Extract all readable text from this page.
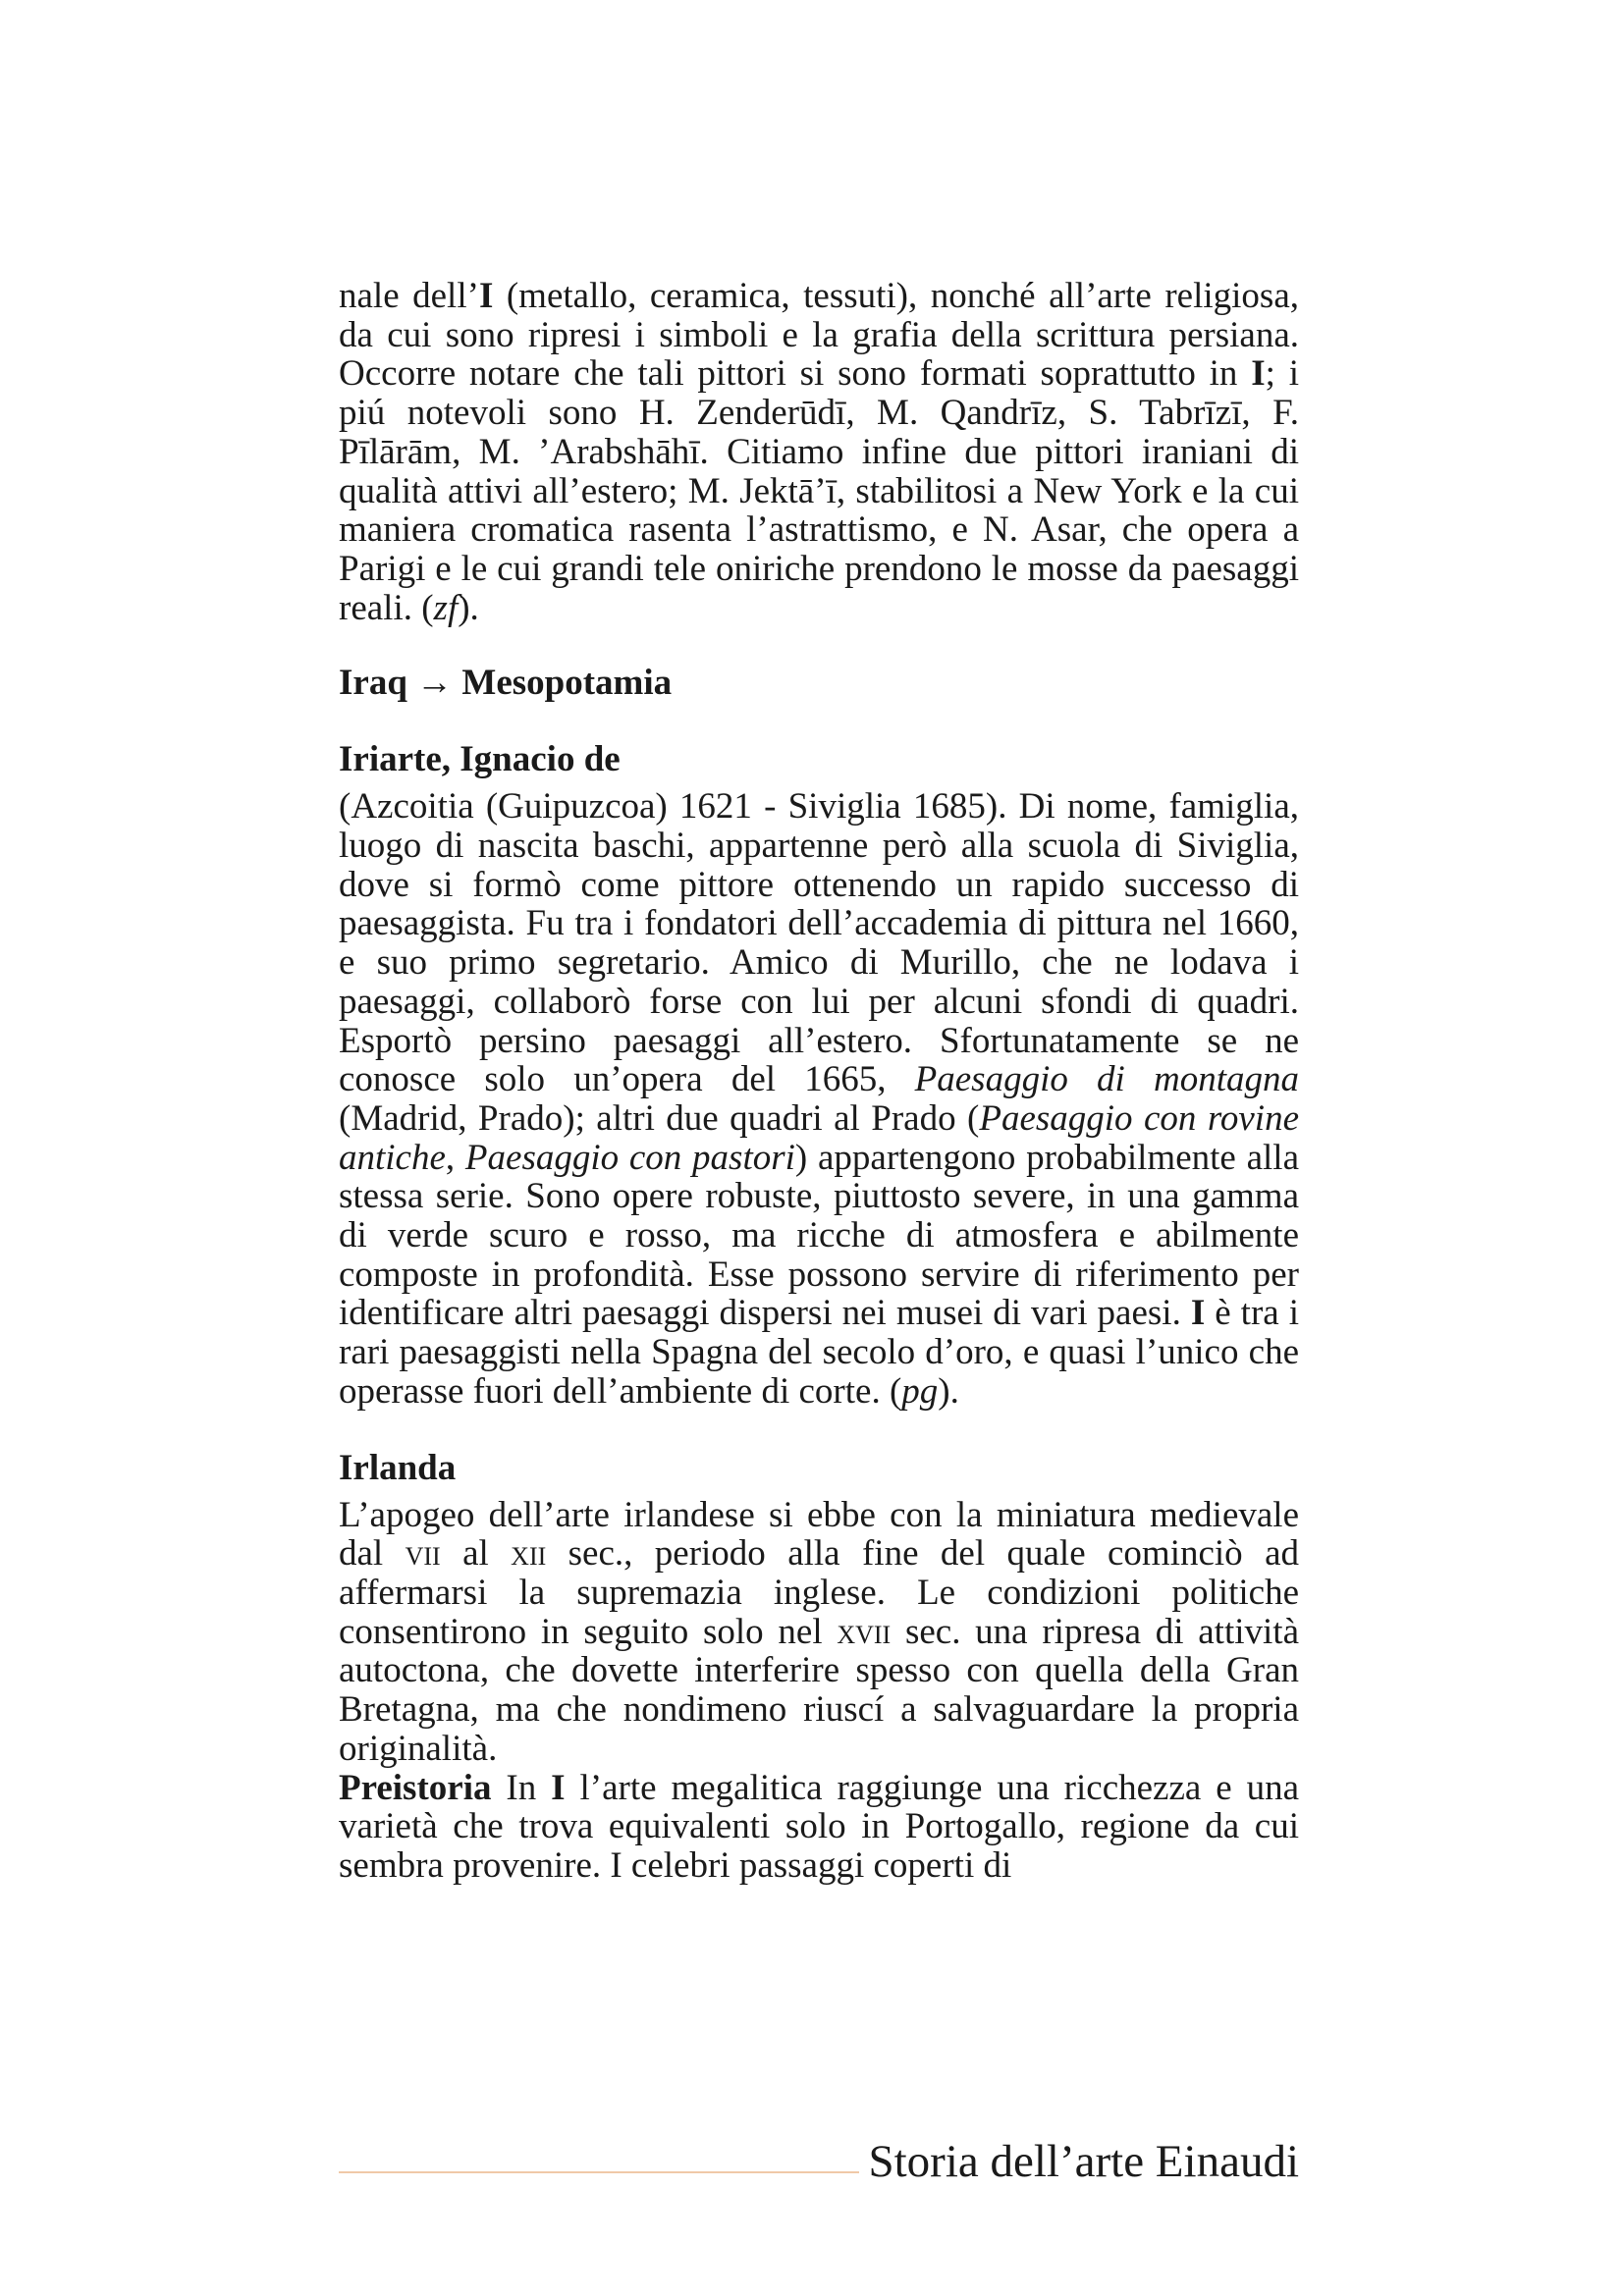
nale dell’I (metallo, ceramica, tessuti), nonché all’arte religiosa, da cui sono ripresi i simboli e la grafia della scrittura persiana. Occorre notare che tali pittori si sono formati soprattutto in I; i piú notevoli sono H. Zenderūdī, M. Qandrīz, S. Tabrīzī, F. Pīlārām, M. ’Arabshāhī. Citiamo infine due pittori iraniani di qualità attivi all’estero; M. Jektā’ī, stabilitosi a New York e la cui maniera cromatica rasenta l’astrattismo, e N. Asar, che opera a Parigi e le cui grandi tele oniriche prendono le mosse da paesaggi reali. (zf).

Iraq → Mesopotamia

Iriarte, Ignacio de

(Azcoitia (Guipuzcoa) 1621 - Siviglia 1685). Di nome, famiglia, luogo di nascita baschi, appartenne però alla scuola di Siviglia, dove si formò come pittore ottenendo un rapido successo di paesaggista. Fu tra i fondatori dell’accademia di pittura nel 1660, e suo primo segretario. Amico di Murillo, che ne lodava i paesaggi, collaborò forse con lui per alcuni sfondi di quadri. Esportò persino paesaggi all’estero. Sfortunatamente se ne conosce solo un’opera del 1665, Paesaggio di montagna (Madrid, Prado); altri due quadri al Prado (Paesaggio con rovine antiche, Paesaggio con pastori) appartengono probabilmente alla stessa serie. Sono opere robuste, piuttosto severe, in una gamma di verde scuro e rosso, ma ricche di atmosfera e abilmente composte in profondità. Esse possono servire di riferimento per identificare altri paesaggi dispersi nei musei di vari paesi. I è tra i rari paesaggisti nella Spagna del secolo d’oro, e quasi l’unico che operasse fuori dell’ambiente di corte. (pg).

Irlanda

L’apogeo dell’arte irlandese si ebbe con la miniatura medievale dal vii al xii sec., periodo alla fine del quale cominciò ad affermarsi la supremazia inglese. Le condizioni politiche consentirono in seguito solo nel xvii sec. una ripresa di attività autoctona, che dovette interferire spesso con quella della Gran Bretagna, ma che nondimeno riuscí a salvaguardare la propria originalità.

Preistoria In I l’arte megalitica raggiunge una ricchezza e una varietà che trova equivalenti solo in Portogallo, regione da cui sembra provenire. I celebri passaggi coperti di

Storia dell’arte Einaudi
